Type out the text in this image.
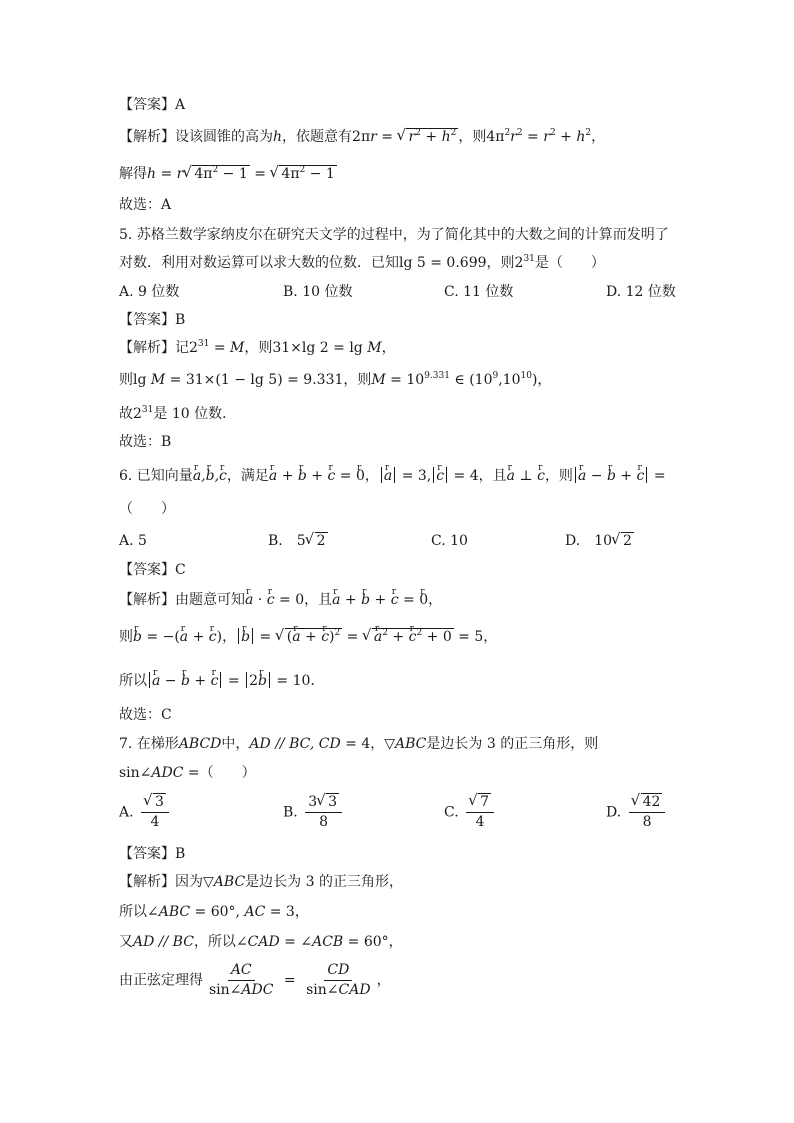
【答案】A
【解析】设该圆锥的高为h，依题意有2πr = √ $r^2 + h^2$ ，则$4\pi^2r^2 = r^2 + h^2$，
解得h = r √ $4\pi^2 - 1$ = √ $4\pi^2 - 1$
故选：A
5. 苏格兰数学家纳皮尔在研究天文学的过程中，为了简化其中的大数之间的计算而发明了
对数．利用对数运算可以求大数的位数．已知lg 5 = 0.699，则$2^{31}$是（　　）
A. 9 位数	B. 10 位数	C. 11 位数	D. 12 位数
【答案】B
【解析】记$2^{31} = M$，则31×lg 2 = lg M，
则lg M = 31×(1 − lg 5) = 9.331，则$M = 10^{9.331}$ ∈ $(10^9,10^{10})$，
故$2^{31}$是 10 位数．
故选：B
6. 已知向量r a,r b,r c，满足r a + r b + r c = r 0， r a = 3, r c = 4，且r a ⊥ r c，则 r a − r b + r c =
（　　）
A. 5	B.　 5 √ 2	C. 10	D.　 10 √ 2
【答案】C
【解析】由题意可知r a · r c = 0，且r a + r b + r c = r 0，
则r b = −(r a + r c)， r b = √ (r a + r c)$^2$ = √ r $a^2 + r$ $c^2 + 0 = 5$，
所以 r a − r b + r c = 2r b = 10．
故选：C
7. 在梯形ABCD中，AD // BC, CD = 4，▽ABC是边长为 3 的正三角形，则
sin∠ADC =（　　）
A. √ $\frac{3}{4}$	B. $\frac{3 √ 3}{8}$	C. √ $\frac{7}{4}$	D. √ $\frac{42}{8}$
【答案】B
【解析】因为▽ABC是边长为 3 的正三角形，
所以∠ABC = 60°, AC = 3，
又AD // BC，所以∠CAD = ∠ACB = 60°，
由正弦定理得 $\frac{AC}{\text{sin∠ADC}} = \frac{CD}{\text{sin∠CAD}}$ ，
